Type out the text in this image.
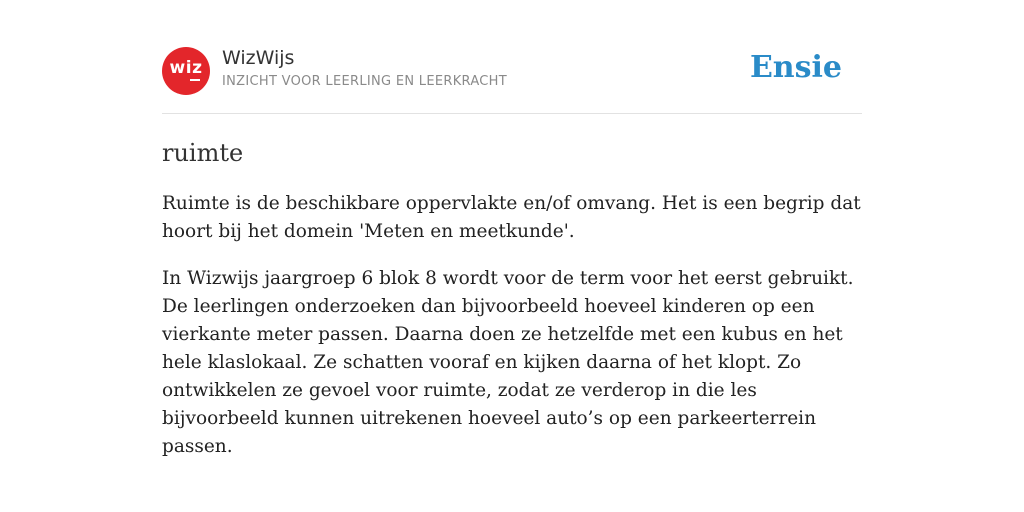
wiz WizWijs
INZICHT VOOR LEERLING EN LEERKRACHT	Ensie
ruimte

Ruimte is de beschikbare oppervlakte en/of omvang. Het is een begrip dat hoort bij het domein 'Meten en meetkunde'.

In Wizwijs jaargroep 6 blok 8 wordt voor de term voor het eerst gebruikt. De leerlingen onderzoeken dan bijvoorbeeld hoeveel kinderen op een vierkante meter passen. Daarna doen ze hetzelfde met een kubus en het hele klaslokaal. Ze schatten vooraf en kijken daarna of het klopt. Zo ontwikkelen ze gevoel voor ruimte, zodat ze verderop in die les bijvoorbeeld kunnen uitrekenen hoeveel auto’s op een parkeerterrein passen.
